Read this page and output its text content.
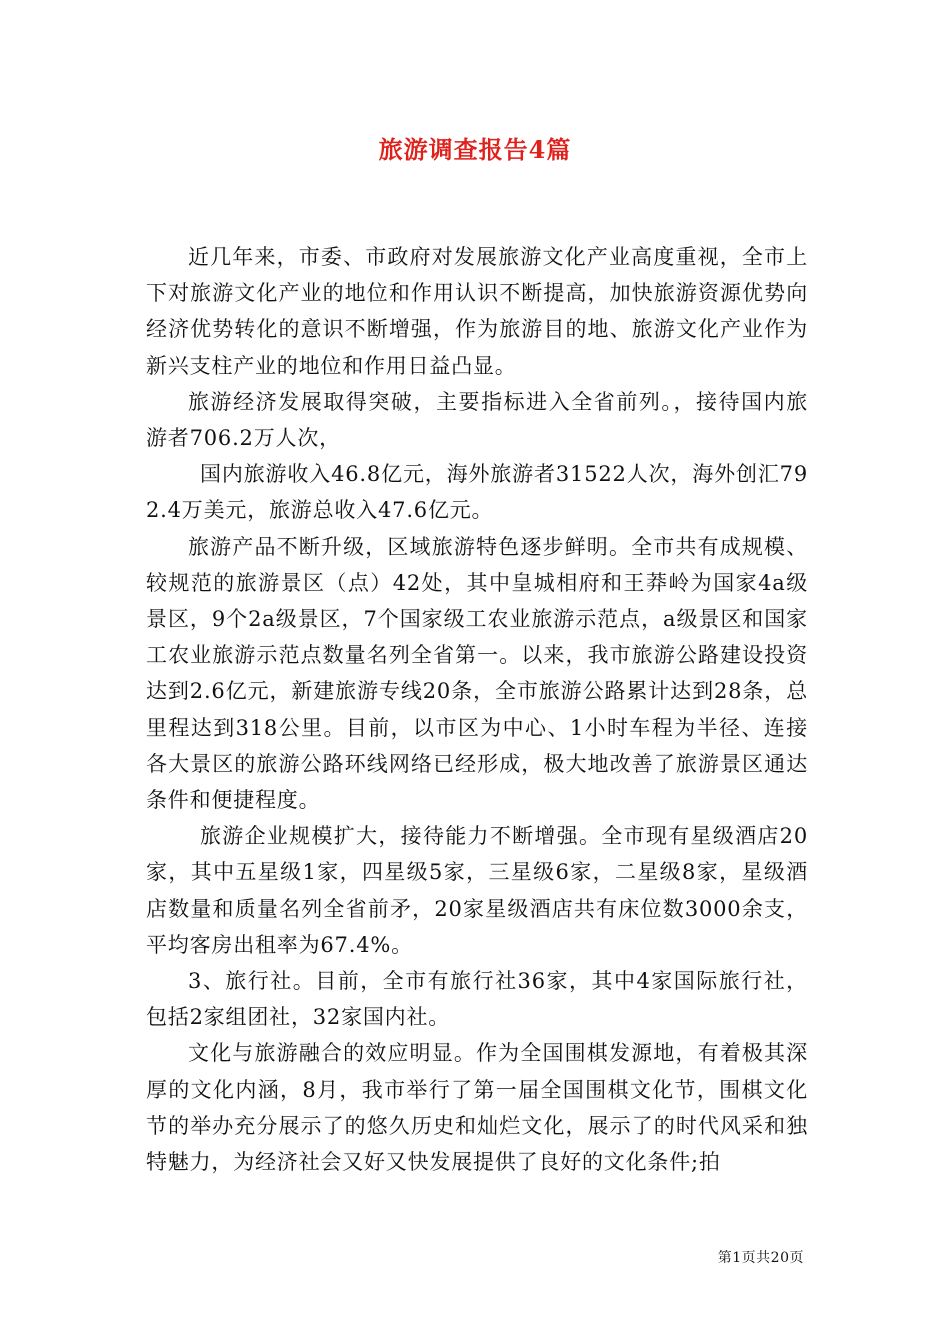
旅游调查报告4篇

近几年来，市委、市政府对发展旅游文化产业高度重视，全市上下对旅游文化产业的地位和作用认识不断提高，加快旅游资源优势向经济优势转化的意识不断增强，作为旅游目的地、旅游文化产业作为新兴支柱产业的地位和作用日益凸显。

旅游经济发展取得突破，主要指标进入全省前列。，接待国内旅游者706.2万人次，

国内旅游收入46.8亿元，海外旅游者31522人次，海外创汇792.4万美元，旅游总收入47.6亿元。

旅游产品不断升级，区域旅游特色逐步鲜明。全市共有成规模、较规范的旅游景区（点）42处，其中皇城相府和王莽岭为国家4a级景区，9个2a级景区，7个国家级工农业旅游示范点，a级景区和国家工农业旅游示范点数量名列全省第一。以来，我市旅游公路建设投资达到2.6亿元，新建旅游专线20条，全市旅游公路累计达到28条，总里程达到318公里。目前，以市区为中心、1小时车程为半径、连接各大景区的旅游公路环线网络已经形成，极大地改善了旅游景区通达条件和便捷程度。

旅游企业规模扩大，接待能力不断增强。全市现有星级酒店20家，其中五星级1家，四星级5家，三星级6家，二星级8家，星级酒店数量和质量名列全省前矛，20家星级酒店共有床位数3000余支，平均客房出租率为67.4%。

3、旅行社。目前，全市有旅行社36家，其中4家国际旅行社，包括2家组团社，32家国内社。

文化与旅游融合的效应明显。作为全国围棋发源地，有着极其深厚的文化内涵，8月，我市举行了第一届全国围棋文化节，围棋文化节的举办充分展示了的悠久历史和灿烂文化，展示了的时代风采和独特魅力，为经济社会又好又快发展提供了良好的文化条件;拍

第1页共20页
